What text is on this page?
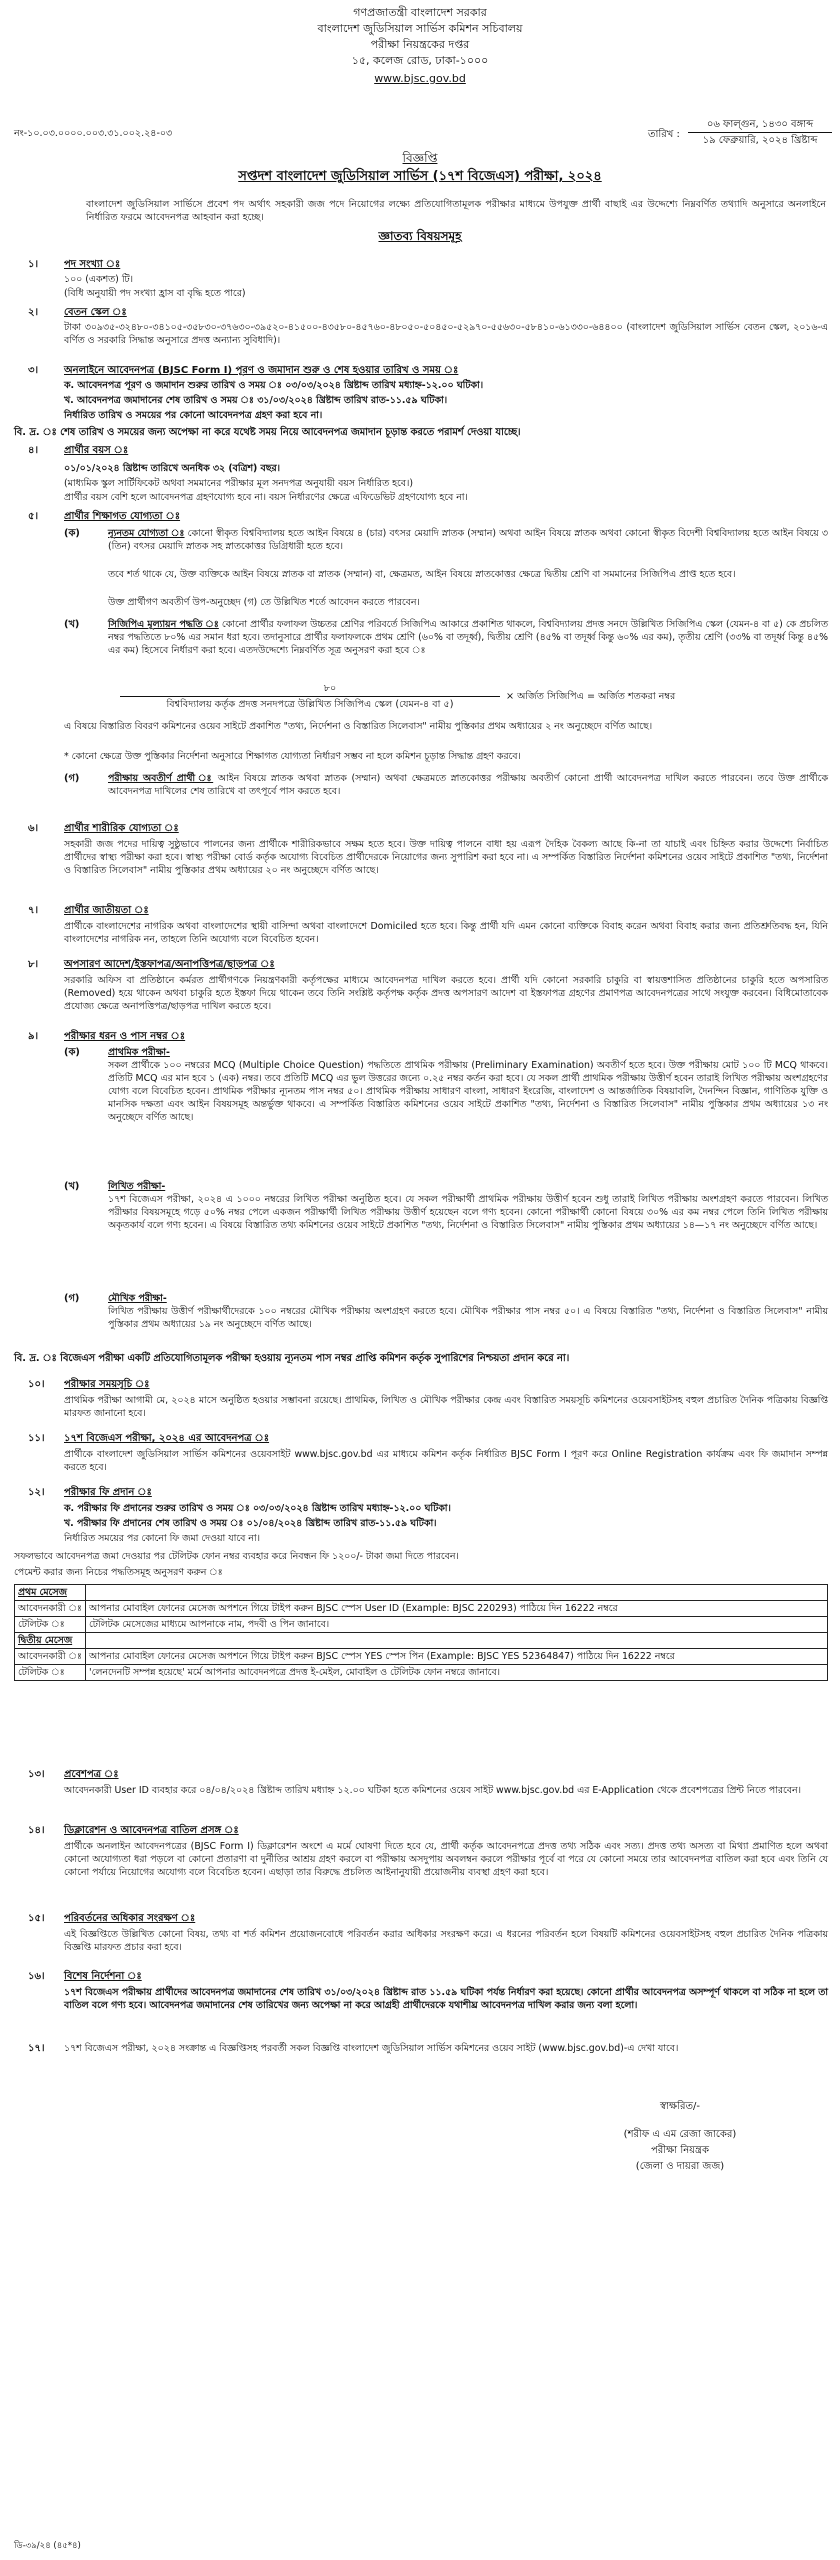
গণপ্রজাতন্ত্রী বাংলাদেশ সরকার
বাংলাদেশ জুডিসিয়াল সার্ভিস কমিশন সচিবালয়
পরীক্ষা নিয়ন্ত্রকের দপ্তর
১৫, কলেজ রোড, ঢাকা-১০০০
www.bjsc.gov.bd
নং-১০.০৩.০০০০.০০৩.৩১.০০২.২৪-০৩	তারিখ :
০৬ ফাল্গুন, ১৪৩০ বঙ্গাব্দ
১৯ ফেব্রুয়ারি, ২০২৪ খ্রিষ্টাব্দ
বিজ্ঞপ্তি
সপ্তদশ বাংলাদেশ জুডিসিয়াল সার্ভিস (১৭শ বিজেএস) পরীক্ষা, ২০২৪
বাংলাদেশ জুডিসিয়াল সার্ভিসে প্রবেশ পদ অর্থাৎ সহকারী জজ পদে নিয়োগের লক্ষ্যে প্রতিযোগিতামূলক পরীক্ষার মাধ্যমে উপযুক্ত প্রার্থী বাছাই এর উদ্দেশ্যে নিম্নবর্ণিত তথ্যাদি অনুসারে অনলাইনে নির্ধারিত ফরমে আবেদনপত্র আহবান করা হচ্ছে।
জ্ঞাতব্য বিষয়সমূহ
১।	পদ সংখ্যা ঃ
১০০ (একশত) টি।
(বিধি অনুযায়ী পদ সংখ্যা হ্রাস বা বৃদ্ধি হতে পারে)
২।	বেতন স্কেল ঃ
টাকা ৩০৯৩৫-৩২৪৮০-৩৪১০৫-৩৫৮৩০-৩৭৬৩০-৩৯৫২০-৪১৫০০-৪৩৫৮০-৪৫৭৬০-৪৮০৫০-৫০৪৫০-৫২৯৭০-৫৫৬৩০-৫৮৪১০-৬১৩৩০-৬৪৪০০ (বাংলাদেশ জুডিসিয়াল সার্ভিস বেতন স্কেল, ২০১৬-এ বর্ণিত ও সরকারি সিদ্ধান্ত অনুসারে প্রদত্ত অন্যান্য সুবিধাদি)।
৩।	অনলাইনে আবেদনপত্র (BJSC Form I) পূরণ ও জমাদান শুরু ও শেষ হওয়ার তারিখ ও সময় ঃ
ক. আবেদনপত্র পূরণ ও জমাদান শুরুর তারিখ ও সময় ঃ ০৩/০৩/২০২৪ খ্রিষ্টাব্দ তারিখ মধ্যাহ্ন-১২.০০ ঘটিকা।
খ. আবেদনপত্র জমাদানের শেষ তারিখ ও সময় ঃ ৩১/০৩/২০২৪ খ্রিষ্টাব্দ তারিখ রাত-১১.৫৯ ঘটিকা।
নির্ধারিত তারিখ ও সময়ের পর কোনো আবেদনপত্র গ্রহণ করা হবে না।
বি. দ্র. ঃ শেষ তারিখ ও সময়ের জন্য অপেক্ষা না করে যথেষ্ট সময় নিয়ে আবেদনপত্র জমাদান চূড়ান্ত করতে পরামর্শ দেওয়া যাচ্ছে।
৪।	প্রার্থীর বয়স ঃ
০১/০১/২০২৪ খ্রিষ্টাব্দ তারিখে অনধিক ৩২ (বত্রিশ) বছর।
(মাধ্যমিক স্কুল সার্টিফিকেট অথবা সমমানের পরীক্ষার মূল সনদপত্র অনুযায়ী বয়স নির্ধারিত হবে।)
প্রার্থীর বয়স বেশি হলে আবেদনপত্র গ্রহণযোগ্য হবে না। বয়স নির্ধারণের ক্ষেত্রে এফিডেভিট গ্রহণযোগ্য হবে না।
৫।	প্রার্থীর শিক্ষাগত যোগ্যতা ঃ
(ক)	ন্যূনতম যোগ্যতা ঃ কোনো স্বীকৃত বিশ্ববিদ্যালয় হতে আইন বিষয়ে ৪ (চার) বৎসর মেয়াদি স্নাতক (সম্মান) অথবা আইন বিষয়ে স্নাতক অথবা কোনো স্বীকৃত বিদেশী বিশ্ববিদ্যালয় হতে আইন বিষয়ে ৩ (তিন) বৎসর মেয়াদি স্নাতক সহ স্নাতকোত্তর ডিগ্রিধারী হতে হবে।
তবে শর্ত থাকে যে, উক্ত ব্যক্তিকে আইন বিষয়ে স্নাতক বা স্নাতক (সম্মান) বা, ক্ষেত্রমত, আইন বিষয়ে স্নাতকোত্তর ক্ষেত্রে দ্বিতীয় শ্রেণি বা সমমানের সিজিপিএ প্রাপ্ত হতে হবে।
উক্ত প্রার্থীগণ অবতীর্ণ উপ-অনুচ্ছেদ (গ) তে উল্লিখিত শর্তে আবেদন করতে পারবেন।
(খ)	সিজিপিএ মূল্যায়ন পদ্ধতি ঃ কোনো প্রার্থীর ফলাফল উচ্চতর শ্রেণির পরিবর্তে সিজিপিএ আকারে প্রকাশিত থাকলে, বিশ্ববিদ্যালয় প্রদত্ত সনদে উল্লিখিত সিজিপিএ স্কেল (যেমন-৪ বা ৫) কে প্রচলিত নম্বর পদ্ধতিতে ৮০% এর সমান ধরা হবে। তদানুসারে প্রার্থীর ফলাফলকে প্রথম শ্রেণি (৬০% বা তদূর্ধ্ব), দ্বিতীয় শ্রেণি (৪৫% বা তদূর্ধ্ব কিন্তু ৬০% এর কম), তৃতীয় শ্রেণি (৩৩% বা তদূর্ধ্ব কিন্তু ৪৫% এর কম) হিসেবে নির্ধারণ করা হবে। এতদউদ্দেশ্যে নিম্নবর্ণিত সূত্র অনুসরণ করা হবে ঃ
৮০
বিশ্ববিদ্যালয় কর্তৃক প্রদত্ত সনদপত্রে উল্লিখিত সিজিপিএ স্কেল (যেমন-৪ বা ৫)
× অর্জিত সিজিপিএ = অর্জিত শতকরা নম্বর
এ বিষয়ে বিস্তারিত বিবরণ কমিশনের ওয়েব সাইটে প্রকাশিত "তথ্য, নির্দেশনা ও বিস্তারিত সিলেবাস" নামীয় পুস্তিকার প্রথম অধ্যায়ের ২ নং অনুচ্ছেদে বর্ণিত আছে।
* কোনো ক্ষেত্রে উক্ত পুস্তিকার নির্দেশনা অনুসারে শিক্ষাগত যোগ্যতা নির্ধারণ সম্ভব না হলে কমিশন চূড়ান্ত সিদ্ধান্ত গ্রহণ করবে।
(গ)	পরীক্ষায় অবতীর্ণ প্রার্থী ঃ আইন বিষয়ে স্নাতক অথবা স্নাতক (সম্মান) অথবা ক্ষেত্রমতে স্নাতকোত্তর পরীক্ষায় অবতীর্ণ কোনো প্রার্থী আবেদনপত্র দাখিল করতে পারবেন। তবে উক্ত প্রার্থীকে আবেদনপত্র দাখিলের শেষ তারিখে বা তৎপূর্বে পাস করতে হবে।
৬।	প্রার্থীর শারীরিক যোগ্যতা ঃ
সহকারী জজ পদের দায়িত্ব সুষ্ঠুভাবে পালনের জন্য প্রার্থীকে শারীরিকভাবে সক্ষম হতে হবে। উক্ত দায়িত্ব পালনে বাধা হয় এরূপ দৈহিক বৈকল্য আছে কি-না তা যাচাই এবং চিহ্নিত করার উদ্দেশ্যে নির্বাচিত প্রার্থীদের স্বাস্থ্য পরীক্ষা করা হবে। স্বাস্থ্য পরীক্ষা বোর্ড কর্তৃক অযোগ্য বিবেচিত প্রার্থীদেরকে নিয়োগের জন্য সুপারিশ করা হবে না। এ সম্পর্কিত বিস্তারিত নির্দেশনা কমিশনের ওয়েব সাইটে প্রকাশিত "তথ্য, নির্দেশনা ও বিস্তারিত সিলেবাস" নামীয় পুস্তিকার প্রথম অধ্যায়ের ২০ নং অনুচ্ছেদে বর্ণিত আছে।
৭।	প্রার্থীর জাতীয়তা ঃ
প্রার্থীকে বাংলাদেশের নাগরিক অথবা বাংলাদেশের স্থায়ী বাসিন্দা অথবা বাংলাদেশে Domiciled হতে হবে। কিন্তু প্রার্থী যদি এমন কোনো ব্যক্তিকে বিবাহ করেন অথবা বিবাহ করার জন্য প্রতিশ্রুতিবদ্ধ হন, যিনি বাংলাদেশের নাগরিক নন, তাহলে তিনি অযোগ্য বলে বিবেচিত হবেন।
৮।	অপসারণ আদেশ/ইস্তফাপত্র/অনাপত্তিপত্র/ছাড়পত্র ঃ
সরকারি অফিস বা প্রতিষ্ঠানে কর্মরত প্রার্থীগণকে নিয়ন্ত্রণকারী কর্তৃপক্ষের মাধ্যমে আবেদনপত্র দাখিল করতে হবে। প্রার্থী যদি কোনো সরকারি চাকুরি বা স্বায়ত্তশাসিত প্রতিষ্ঠানের চাকুরি হতে অপসারিত (Removed) হয়ে থাকেন অথবা চাকুরি হতে ইস্তফা দিয়ে থাকেন তবে তিনি সংশ্লিষ্ট কর্তৃপক্ষ কর্তৃক প্রদত্ত অপসারণ আদেশ বা ইস্তফাপত্র গ্রহণের প্রমাণপত্র আবেদনপত্রের সাথে সংযুক্ত করবেন। বিধিমোতাবেক প্রযোজ্য ক্ষেত্রে অনাপত্তিপত্র/ছাড়পত্র দাখিল করতে হবে।
৯।	পরীক্ষার ধরন ও পাস নম্বর ঃ
(ক)	প্রাথমিক পরীক্ষা-
সকল প্রার্থীকে ১০০ নম্বরের MCQ (Multiple Choice Question) পদ্ধতিতে প্রাথমিক পরীক্ষায় (Preliminary Examination) অবতীর্ণ হতে হবে। উক্ত পরীক্ষায় মোট ১০০ টি MCQ থাকবে। প্রতিটি MCQ এর মান হবে ১ (এক) নম্বর। তবে প্রতিটি MCQ এর ভুল উত্তরের জন্যে ০.২৫ নম্বর কর্তন করা হবে। যে সকল প্রার্থী প্রাথমিক পরীক্ষায় উত্তীর্ণ হবেন তারাই লিখিত পরীক্ষায় অংশগ্রহণের যোগ্য বলে বিবেচিত হবেন। প্রাথমিক পরীক্ষার ন্যূনতম পাস নম্বর ৫০। প্রাথমিক পরীক্ষায় সাধারণ বাংলা, সাধারণ ইংরেজি, বাংলাদেশ ও আন্তর্জাতিক বিষয়াবলি, দৈনন্দিন বিজ্ঞান, গাণিতিক যুক্তি ও মানসিক দক্ষতা এবং আইন বিষয়সমূহ অন্তর্ভুক্ত থাকবে। এ সম্পর্কিত বিস্তারিত কমিশনের ওয়েব সাইটে প্রকাশিত "তথ্য, নির্দেশনা ও বিস্তারিত সিলেবাস" নামীয় পুস্তিকার প্রথম অধ্যায়ের ১৩ নং অনুচ্ছেদে বর্ণিত আছে।
(খ)	লিখিত পরীক্ষা-
১৭শ বিজেএস পরীক্ষা, ২০২৪ এ ১০০০ নম্বরের লিখিত পরীক্ষা অনুষ্ঠিত হবে। যে সকল পরীক্ষার্থী প্রাথমিক পরীক্ষায় উত্তীর্ণ হবেন শুধু তারাই লিখিত পরীক্ষায় অংশগ্রহণ করতে পারবেন। লিখিত পরীক্ষার বিষয়সমূহে গড়ে ৫০% নম্বর পেলে একজন পরীক্ষার্থী লিখিত পরীক্ষায় উত্তীর্ণ হয়েছেন বলে গণ্য হবেন। কোনো পরীক্ষার্থী কোনো বিষয়ে ৩০% এর কম নম্বর পেলে তিনি লিখিত পরীক্ষায় অকৃতকার্য বলে গণ্য হবেন। এ বিষয়ে বিস্তারিত তথ্য কমিশনের ওয়েব সাইটে প্রকাশিত "তথ্য, নির্দেশনা ও বিস্তারিত সিলেবাস" নামীয় পুস্তিকার প্রথম অধ্যায়ের ১৪—১৭ নং অনুচ্ছেদে বর্ণিত আছে।
(গ)	মৌখিক পরীক্ষা-
লিখিত পরীক্ষায় উত্তীর্ণ পরীক্ষার্থীদেরকে ১০০ নম্বরের মৌখিক পরীক্ষায় অংশগ্রহণ করতে হবে। মৌখিক পরীক্ষার পাস নম্বর ৫০। এ বিষয়ে বিস্তারিত "তথ্য, নির্দেশনা ও বিস্তারিত সিলেবাস" নামীয় পুস্তিকার প্রথম অধ্যায়ের ১৯ নং অনুচ্ছেদে বর্ণিত আছে।
বি. দ্র. ঃ বিজেএস পরীক্ষা একটি প্রতিযোগিতামূলক পরীক্ষা হওয়ায় ন্যূনতম পাস নম্বর প্রাপ্তি কমিশন কর্তৃক সুপারিশের নিশ্চয়তা প্রদান করে না।
১০। পরীক্ষার সময়সূচি ঃ
প্রাথমিক পরীক্ষা আগামী মে, ২০২৪ মাসে অনুষ্ঠিত হওয়ার সম্ভাবনা রয়েছে। প্রাথমিক, লিখিত ও মৌখিক পরীক্ষার কেন্দ্র এবং বিস্তারিত সময়সূচি কমিশনের ওয়েবসাইটসহ বহুল প্রচারিত দৈনিক পত্রিকায় বিজ্ঞপ্তি মারফত জানানো হবে।
১১। ১৭শ বিজেএস পরীক্ষা, ২০২৪ এর আবেদনপত্র ঃ
প্রার্থীকে বাংলাদেশ জুডিসিয়াল সার্ভিস কমিশনের ওয়েবসাইট www.bjsc.gov.bd এর মাধ্যমে কমিশন কর্তৃক নির্ধারিত BJSC Form I পূরণ করে Online Registration কার্যক্রম এবং ফি জমাদান সম্পন্ন করতে হবে।
১২। পরীক্ষার ফি প্রদান ঃ
ক. পরীক্ষার ফি প্রদানের শুরুর তারিখ ও সময় ঃ ০৩/০৩/২০২৪ খ্রিষ্টাব্দ তারিখ মধ্যাহ্ন-১২.০০ ঘটিকা।
খ. পরীক্ষার ফি প্রদানের শেষ তারিখ ও সময় ঃ ০১/০৪/২০২৪ খ্রিষ্টাব্দ তারিখ রাত-১১.৫৯ ঘটিকা।
নির্ধারিত সময়ের পর কোনো ফি জমা দেওয়া যাবে না।
সফলভাবে আবেদনপত্র জমা দেওয়ার পর টেলিটক ফোন নম্বর ব্যবহার করে নিবন্ধন ফি ১২০০/- টাকা জমা দিতে পারবেন।
পেমেন্ট করার জন্য নিচের পদ্ধতিসমূহ অনুসরণ করুন ঃ
প্রথম মেসেজ	
আবেদনকারী ঃ	আপনার মোবাইল ফোনের মেসেজ অপশনে গিয়ে টাইপ করুন BJSC স্পেস User ID (Example: BJSC 220293) পাঠিয়ে দিন 16222 নম্বরে
টেলিটক ঃ	টেলিটক মেসেজের মাধ্যমে আপনাকে নাম, পদবী ও পিন জানাবে।
দ্বিতীয় মেসেজ	
আবেদনকারী ঃ	আপনার মোবাইল ফোনের মেসেজ অপশনে গিয়ে টাইপ করুন BJSC স্পেস YES স্পেস পিন (Example: BJSC YES 52364847) পাঠিয়ে দিন 16222 নম্বরে
টেলিটক ঃ	'লেনদেনটি সম্পন্ন হয়েছে' মর্মে আপনার আবেদনপত্রে প্রদত্ত ই-মেইল, মোবাইল ও টেলিটক ফোন নম্বরে জানাবে।
১৩। প্রবেশপত্র ঃ
আবেদনকারী User ID ব্যবহার করে ০৪/০৪/২০২৪ খ্রিষ্টাব্দ তারিখ মধ্যাহ্ন ১২.০০ ঘটিকা হতে কমিশনের ওয়েব সাইট www.bjsc.gov.bd এর E-Application থেকে প্রবেশপত্রের প্রিন্ট নিতে পারবেন।
১৪। ডিক্লারেশন ও আবেদনপত্র বাতিল প্রসঙ্গ ঃ
প্রার্থীকে অনলাইন আবেদনপত্রের (BJSC Form I) ডিক্লারেশন অংশে এ মর্মে ঘোষণা দিতে হবে যে, প্রার্থী কর্তৃক আবেদনপত্রে প্রদত্ত তথ্য সঠিক এবং সত্য। প্রদত্ত তথ্য অসত্য বা মিথ্যা প্রমাণিত হলে অথবা কোনো অযোগ্যতা ধরা পড়লে বা কোনো প্রতারণা বা দুর্নীতির আশ্রয় গ্রহণ করলে বা পরীক্ষায় অসদুপায় অবলম্বন করলে পরীক্ষার পূর্বে বা পরে যে কোনো সময়ে তার আবেদনপত্র বাতিল করা হবে এবং তিনি যে কোনো পর্যায়ে নিয়োগের অযোগ্য বলে বিবেচিত হবেন। এছাড়া তার বিরুদ্ধে প্রচলিত আইনানুযায়ী প্রয়োজনীয় ব্যবস্থা গ্রহণ করা হবে।
১৫। পরিবর্তনের অধিকার সংরক্ষণ ঃ
এই বিজ্ঞপ্তিতে উল্লিখিত কোনো বিষয়, তথ্য বা শর্ত কমিশন প্রয়োজনবোধে পরিবর্তন করার অধিকার সংরক্ষণ করে। এ ধরনের পরিবর্তন হলে বিষয়টি কমিশনের ওয়েবসাইটসহ বহুল প্রচারিত দৈনিক পত্রিকায় বিজ্ঞপ্তি মারফত প্রচার করা হবে।
১৬। বিশেষ নির্দেশনা ঃ
১৭শ বিজেএস পরীক্ষায় প্রার্থীদের আবেদনপত্র জমাদানের শেষ তারিখ ৩১/০৩/২০২৪ খ্রিষ্টাব্দ রাত ১১.৫৯ ঘটিকা পর্যন্ত নির্ধারণ করা হয়েছে। কোনো প্রার্থীর আবেদনপত্র অসম্পূর্ণ থাকলে বা সঠিক না হলে তা বাতিল বলে গণ্য হবে। আবেদনপত্র জমাদানের শেষ তারিখের জন্য অপেক্ষা না করে আগ্রহী প্রার্থীদেরকে যথাশীঘ্র আবেদনপত্র দাখিল করার জন্য বলা হলো।
১৭। ১৭শ বিজেএস পরীক্ষা, ২০২৪ সংক্রান্ত এ বিজ্ঞপ্তিসহ পরবর্তী সকল বিজ্ঞপ্তি বাংলাদেশ জুডিসিয়াল সার্ভিস কমিশনের ওয়েব সাইট (www.bjsc.gov.bd)-এ দেখা যাবে।
স্বাক্ষরিত/-
(শরীফ এ এম রেজা জাকের)
পরীক্ষা নিয়ন্ত্রক
(জেলা ও দায়রা জজ)
ডি-৩৯/২৪ (৪৫*৪)
